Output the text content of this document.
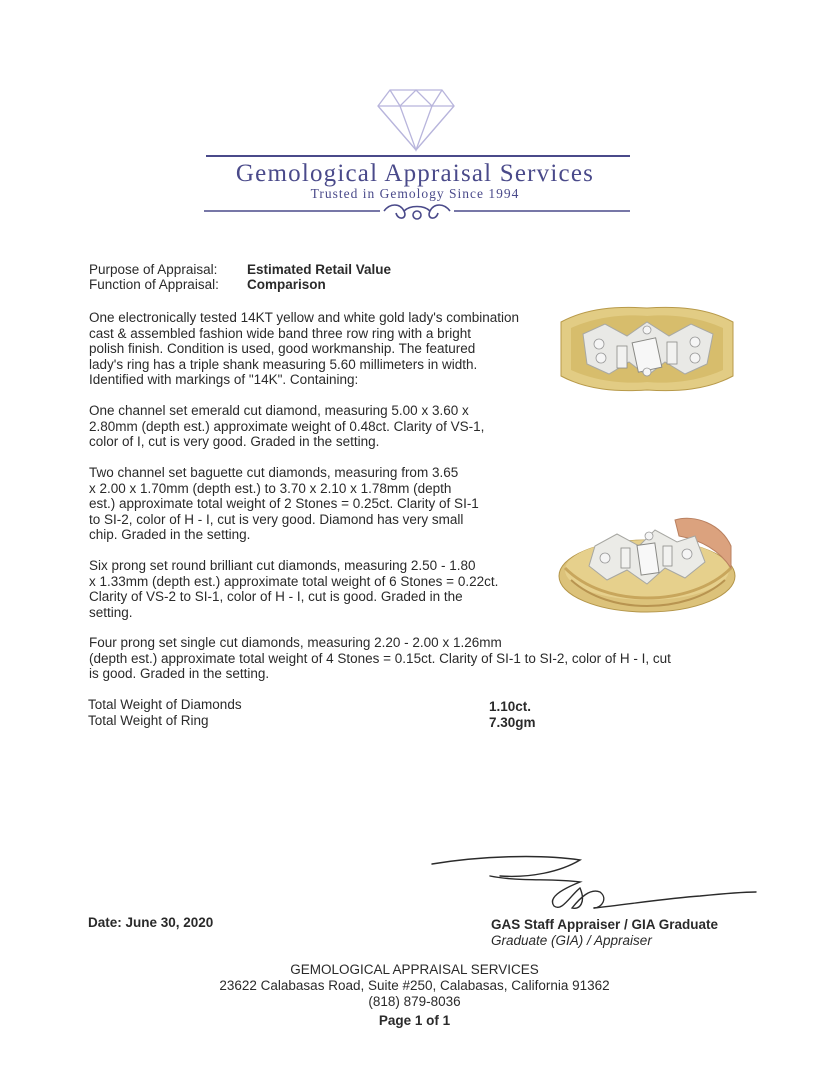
Gemological Appraisal Services
Trusted in Gemology Since 1994
Purpose of Appraisal:	Estimated Retail Value
Function of Appraisal:	Comparison

One electronically tested 14KT yellow and white gold lady's combination

cast & assembled fashion wide band three row ring with a bright

polish finish. Condition is used, good workmanship. The featured

lady's ring has a triple shank measuring 5.60 millimeters in width.

Identified with markings of "14K". Containing:

One channel set emerald cut diamond, measuring 5.00 x 3.60 x

2.80mm (depth est.) approximate weight of 0.48ct. Clarity of VS-1,

color of I, cut is very good. Graded in the setting.

Two channel set baguette cut diamonds, measuring from 3.65

x 2.00 x 1.70mm (depth est.) to 3.70 x 2.10 x 1.78mm (depth

est.) approximate total weight of 2 Stones = 0.25ct. Clarity of SI-1

to SI-2, color of H - I, cut is very good. Diamond has very small

chip. Graded in the setting.

Six prong set round brilliant cut diamonds, measuring 2.50 - 1.80

x 1.33mm (depth est.) approximate total weight of 6 Stones = 0.22ct.

Clarity of VS-2 to SI-1, color of H - I, cut is good. Graded in the

setting.

Four prong set single cut diamonds, measuring 2.20 - 2.00 x 1.26mm

(depth est.) approximate total weight of 4 Stones = 0.15ct. Clarity of SI-1 to SI-2, color of H - I, cut

is good. Graded in the setting.

Total Weight of Diamonds	1.10ct.
Total Weight of Ring	7.30gm
Date: June 30, 2020	GAS Staff Appraiser / GIA Graduate
Graduate (GIA) / Appraiser
GEMOLOGICAL APPRAISAL SERVICES
23622 Calabasas Road, Suite #250, Calabasas, California 91362
(818) 879-8036
Page 1 of 1
